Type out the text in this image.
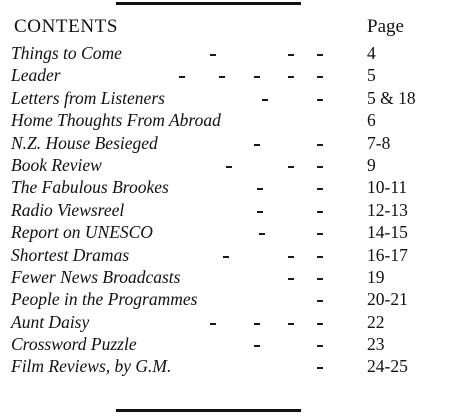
CONTENTS	Page
Things to Come	4
Leader	5
Letters from Listeners	5 & 18
Home Thoughts From Abroad	6
N.Z. House Besieged	7-8
Book Review	9
The Fabulous Brookes	10-11
Radio Viewsreel	12-13
Report on UNESCO	14-15
Shortest Dramas	16-17
Fewer News Broadcasts	19
People in the Programmes	20-21
Aunt Daisy	22
Crossword Puzzle	23
Film Reviews, by G.M.	24-25
